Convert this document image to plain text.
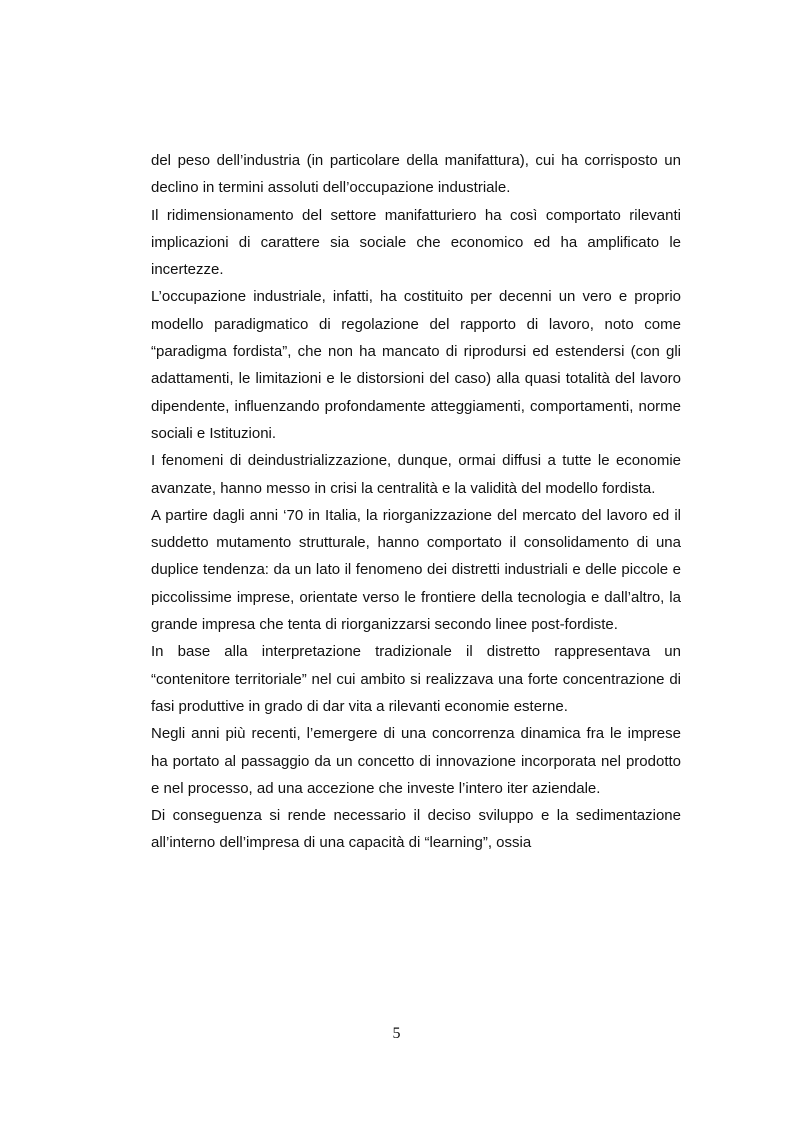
del peso dell’industria (in particolare della manifattura), cui ha corrisposto un declino in termini assoluti dell’occupazione industriale.

Il ridimensionamento del settore manifatturiero ha così comportato rilevanti implicazioni di carattere sia sociale che economico ed ha amplificato le incertezze.

L’occupazione industriale, infatti, ha costituito per decenni un vero e proprio modello paradigmatico di regolazione del rapporto di lavoro, noto come “paradigma fordista”, che non ha mancato di riprodursi ed estendersi (con gli adattamenti, le limitazioni e le distorsioni del caso) alla quasi totalità del lavoro dipendente, influenzando profondamente atteggiamenti, comportamenti, norme sociali e Istituzioni.

I fenomeni di deindustrializzazione, dunque, ormai diffusi a tutte le economie avanzate, hanno messo in crisi la centralità e la validità del modello fordista.

A partire dagli anni ‘70 in Italia, la riorganizzazione del mercato del lavoro ed il suddetto mutamento strutturale, hanno comportato il consolidamento di una duplice tendenza: da un lato il fenomeno dei distretti industriali e delle piccole e piccolissime imprese, orientate verso le frontiere della tecnologia e dall’altro, la grande impresa che tenta di riorganizzarsi secondo linee post-fordiste.

In base alla interpretazione tradizionale il distretto rappresentava un “contenitore territoriale” nel cui ambito si realizzava una forte concentrazione di fasi produttive in grado di dar vita a rilevanti economie esterne.

Negli anni più recenti, l’emergere di una concorrenza dinamica fra le imprese ha portato al passaggio da un concetto di innovazione incorporata nel prodotto e nel processo, ad una accezione che investe l’intero iter aziendale.

Di conseguenza si rende necessario il deciso sviluppo e la sedimentazione all’interno dell’impresa di una capacità di “learning”, ossia

5
